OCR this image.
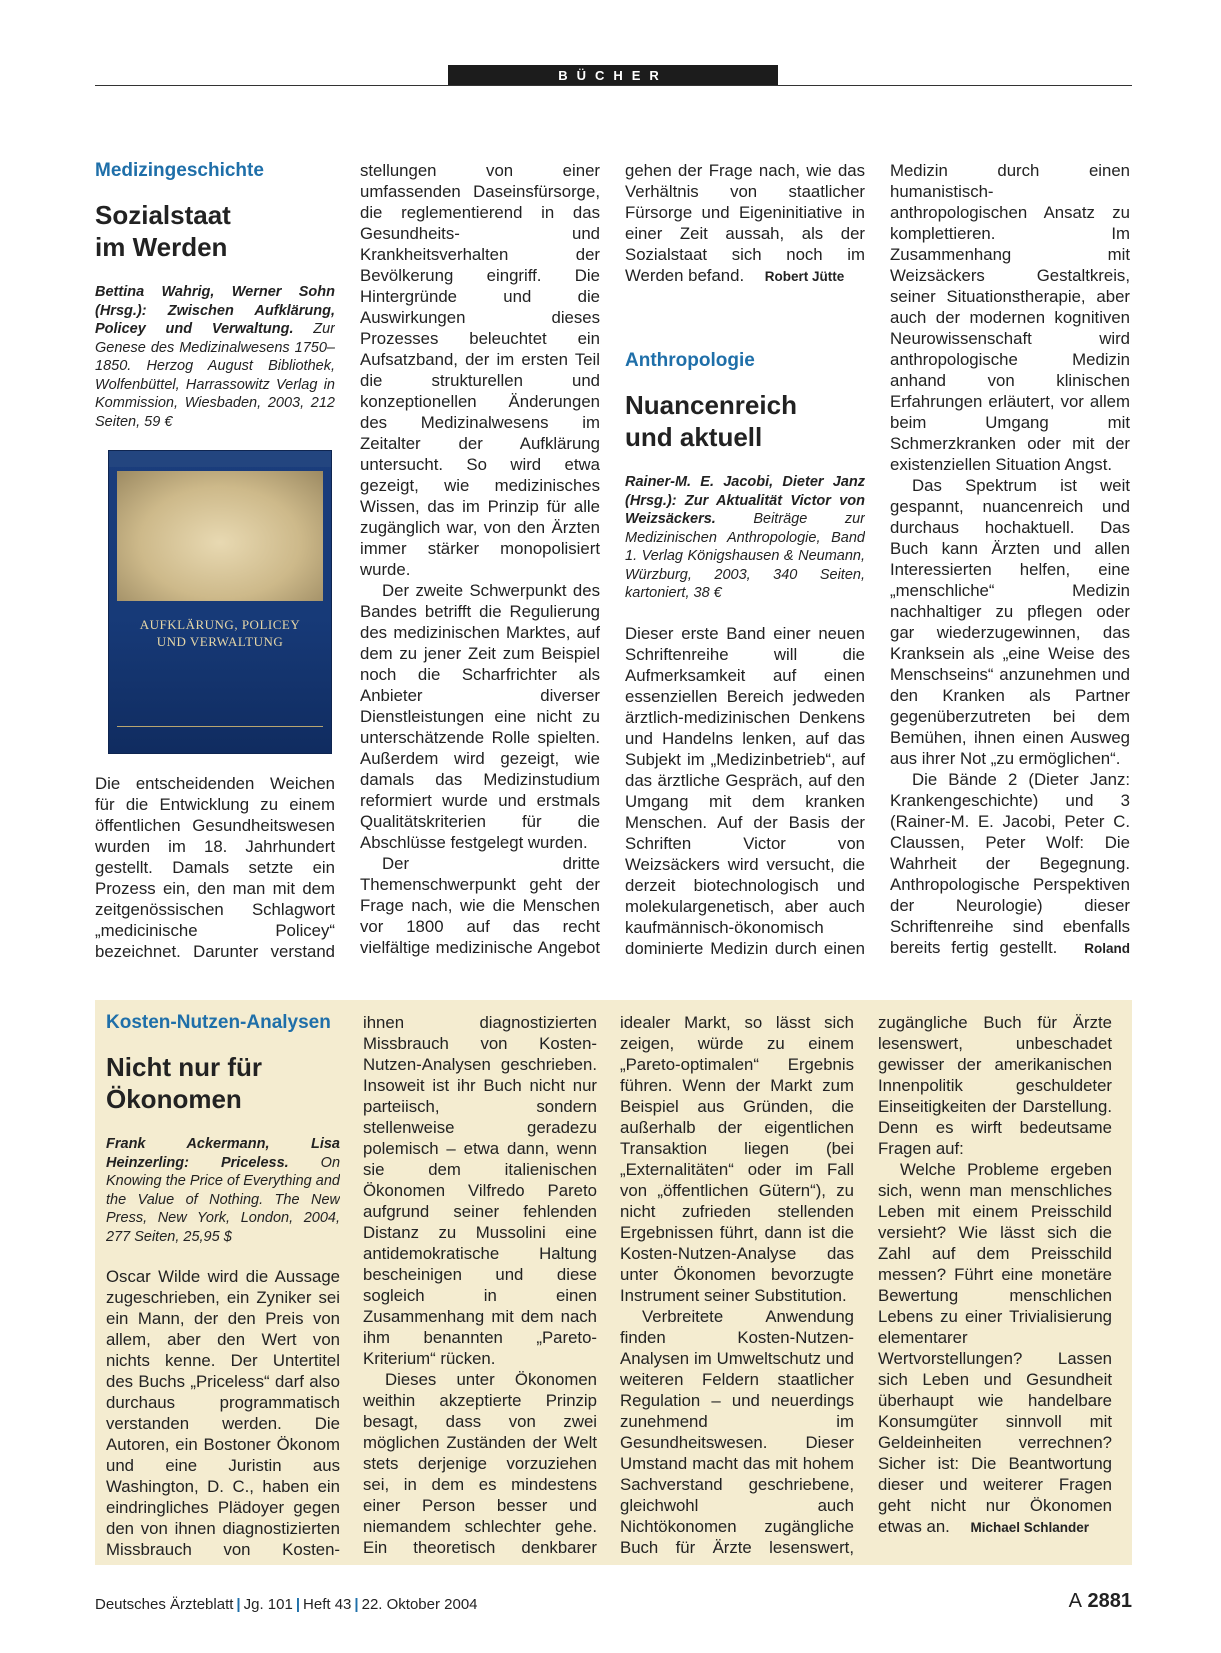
BÜCHER
Medizingeschichte
Sozialstaat
im Werden
Bettina Wahrig, Werner Sohn (Hrsg.): Zwischen Aufklärung, Policey und Verwaltung. Zur Genese des Medizinalwesens 1750–1850. Herzog August Bibliothek, Wolfenbüttel, Harrassowitz Verlag in Kommission, Wiesbaden, 2003, 212 Seiten, 59 €
AUFKLÄRUNG, POLICEY
UND VERWALTUNG

Die entscheidenden Weichen für die Entwicklung zu einem öffentlichen Gesundheitswesen wurden im 18. Jahrhundert gestellt. Damals setzte ein Prozess ein, den man mit dem zeitgenössischen Schlagwort „medicinische Policey“ bezeichnet. Darunter verstand

stellungen von einer umfassenden Daseinsfürsorge, die reglementierend in das Gesundheits- und Krankheitsverhalten der Bevölkerung eingriff. Die Hintergründe und die Auswirkungen dieses Prozesses beleuchtet ein Aufsatzband, der im ersten Teil die strukturellen und konzeptionellen Änderungen des Medizinalwesens im Zeitalter der Aufklärung untersucht. So wird etwa gezeigt, wie medizinisches Wissen, das im Prinzip für alle zugänglich war, von den Ärzten immer stärker monopolisiert wurde.

Der zweite Schwerpunkt des Bandes betrifft die Regulierung des medizinischen Marktes, auf dem zu jener Zeit zum Beispiel noch die Scharfrichter als Anbieter diverser Dienstleistungen eine nicht zu unterschätzende Rolle spielten. Außerdem wird gezeigt, wie damals das Medizinstudium reformiert wurde und erstmals Qualitätskriterien für die Abschlüsse festgelegt wurden.

Der dritte Themenschwerpunkt geht der Frage nach, wie die Menschen vor 1800 auf das recht vielfältige medizinische Angebot

gehen der Frage nach, wie das Verhältnis von staatlicher Fürsorge und Eigeninitiative in einer Zeit aussah, als der Sozialstaat sich noch im Werden befand. Robert Jütte

Anthropologie
Nuancenreich
und aktuell
Rainer-M. E. Jacobi, Dieter Janz (Hrsg.): Zur Aktualität Victor von Weizsäckers. Beiträge zur Medizinischen Anthropologie, Band 1. Verlag Königshausen & Neumann, Würzburg, 2003, 340 Seiten, kartoniert, 38 €

Dieser erste Band einer neuen Schriftenreihe will die Aufmerksamkeit auf einen essenziellen Bereich jedweden ärztlich-medizinischen Denkens und Handelns lenken, auf das Subjekt im „Medizinbetrieb“, auf das ärztliche Gespräch, auf den Umgang mit dem kranken Menschen. Auf der Basis der Schriften Victor von Weizsäckers wird versucht, die derzeit biotechnologisch und molekulargenetisch, aber auch kaufmännisch-ökonomisch dominierte Medizin durch einen

Medizin durch einen humanistisch-anthropologischen Ansatz zu komplettieren. Im Zusammenhang mit Weizsäckers Gestaltkreis, seiner Situationstherapie, aber auch der modernen kognitiven Neurowissenschaft wird anthropologische Medizin anhand von klinischen Erfahrungen erläutert, vor allem beim Umgang mit Schmerzkranken oder mit der existenziellen Situation Angst.

Das Spektrum ist weit gespannt, nuancenreich und durchaus hochaktuell. Das Buch kann Ärzten und allen Interessierten helfen, eine „menschliche“ Medizin nachhaltiger zu pflegen oder gar wiederzugewinnen, das Kranksein als „eine Weise des Menschseins“ anzunehmen und den Kranken als Partner gegenüberzutreten bei dem Bemühen, ihnen einen Ausweg aus ihrer Not „zu ermöglichen“.

Die Bände 2 (Dieter Janz: Krankengeschichte) und 3 (Rainer-M. E. Jacobi, Peter C. Claussen, Peter Wolf: Die Wahrheit der Begegnung. Anthropologische Perspektiven der Neurologie) dieser Schriftenreihe sind ebenfalls bereits fertig gestellt. Roland

Kosten-Nutzen-Analysen
Nicht nur für
Ökonomen
Frank Ackermann, Lisa Heinzerling: Priceless. On Knowing the Price of Everything and the Value of Nothing. The New Press, New York, London, 2004, 277 Seiten, 25,95 $

Oscar Wilde wird die Aussage zugeschrieben, ein Zyniker sei ein Mann, der den Preis von allem, aber den Wert von nichts kenne. Der Untertitel des Buchs „Priceless“ darf also durchaus programmatisch verstanden werden. Die Autoren, ein Bostoner Ökonom und eine Juristin aus Washington, D. C., haben ein eindringliches Plädoyer gegen den von ihnen diagnostizierten Missbrauch von Kosten-

ihnen diagnostizierten Missbrauch von Kosten-Nutzen-Analysen geschrieben. Insoweit ist ihr Buch nicht nur parteiisch, sondern stellenweise geradezu polemisch – etwa dann, wenn sie dem italienischen Ökonomen Vilfredo Pareto aufgrund seiner fehlenden Distanz zu Mussolini eine antidemokratische Haltung bescheinigen und diese sogleich in einen Zusammenhang mit dem nach ihm benannten „Pareto-Kriterium“ rücken.

Dieses unter Ökonomen weithin akzeptierte Prinzip besagt, dass von zwei möglichen Zuständen der Welt stets derjenige vorzuziehen sei, in dem es mindestens einer Person besser und niemandem schlechter gehe. Ein theoretisch denkbarer

idealer Markt, so lässt sich zeigen, würde zu einem „Pareto-optimalen“ Ergebnis führen. Wenn der Markt zum Beispiel aus Gründen, die außerhalb der eigentlichen Transaktion liegen (bei „Externalitäten“ oder im Fall von „öffentlichen Gütern“), zu nicht zufrieden stellenden Ergebnissen führt, dann ist die Kosten-Nutzen-Analyse das unter Ökonomen bevorzugte Instrument seiner Substitution.

Verbreitete Anwendung finden Kosten-Nutzen-Analysen im Umweltschutz und weiteren Feldern staatlicher Regulation – und neuerdings zunehmend im Gesundheitswesen. Dieser Umstand macht das mit hohem Sachverstand geschriebene, gleichwohl auch Nichtökonomen zugängliche Buch für Ärzte lesenswert,

zugängliche Buch für Ärzte lesenswert, unbeschadet gewisser der amerikanischen Innenpolitik geschuldeter Einseitigkeiten der Darstellung. Denn es wirft bedeutsame Fragen auf:

Welche Probleme ergeben sich, wenn man menschliches Leben mit einem Preisschild versieht? Wie lässt sich die Zahl auf dem Preisschild messen? Führt eine monetäre Bewertung menschlichen Lebens zu einer Trivialisierung elementarer Wertvorstellungen? Lassen sich Leben und Gesundheit überhaupt wie handelbare Konsumgüter sinnvoll mit Geldeinheiten verrechnen? Sicher ist: Die Beantwortung dieser und weiterer Fragen geht nicht nur Ökonomen etwas an. Michael Schlander

Deutsches Ärzteblatt | Jg. 101 | Heft 43 | 22. Oktober 2004	A 2881
